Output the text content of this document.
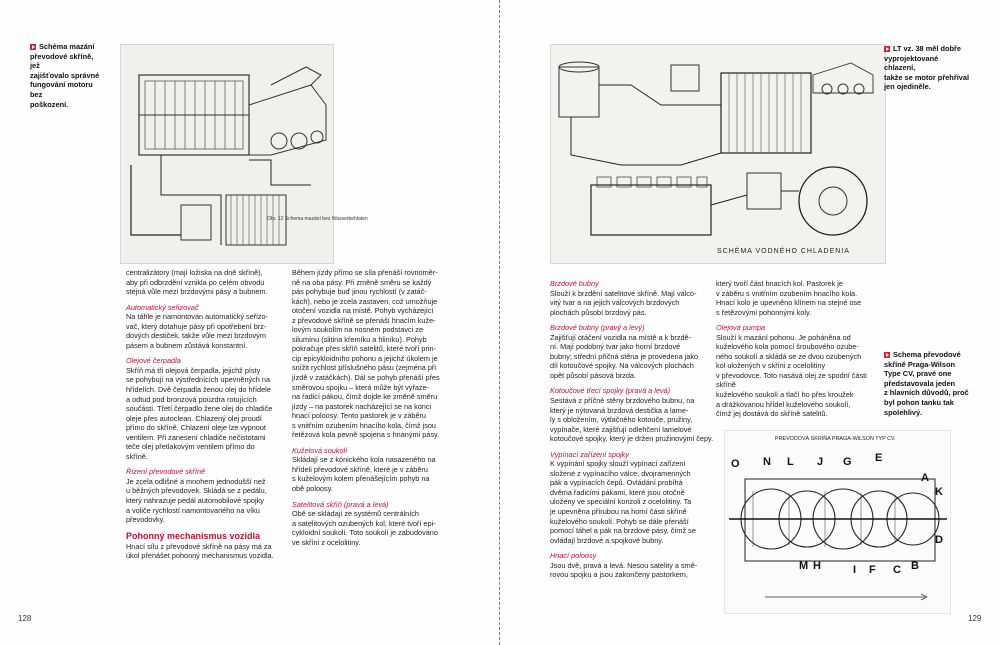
Schéma mazání
převodové skříně, jež
zajišťovalo správné
fungování motoru bez
poškození.
Obr. 12 Schema mazání bez Wasserbehlaten

centralizátory (mají ložiska na dně skříně),
aby při odbrzdění vznikla po celém obvodu
stejná vůle mezi brzdovými pásy a bubnem.

Automatický seřizovač

Na táhle je namontován automatický seřizo-
vač, který dotahuje pásy při opotřebení brz-
dových destiček, takže vůle mezi brzdovým
pásem a bubnem zůstává konstantní.

Olejové čerpadla

Skříň má tři olejová čerpadla, jejichž písty
se pohybují na výstřednících upevněných na
hřídelích. Dvě čerpadla ženou olej do hřídele
a odtud pod bronzová pouzdra rotujících
součástí. Třetí čerpadlo žene olej do chladiče
oleje přes autoclean. Chlazený olej proudí
přímo do skříně. Chlazení oleje lze vypnout
ventilem. Při zanesení chladiče nečistotami
teče olej přetlakovým ventilem přímo do
skříně.

Řízení převodové skříně

Je zcela odlišné a mnohem jednodušší než
u běžných převodovek. Skládá se z pedálu,
který nahrazuje pedál automobilové spojky
a voliče rychlostí namontovaného na víku
převodovky.

Pohonný mechanismus vozidla

Hnací sílu z převodové skříně na pásy má za
úkol přenášet pohonný mechanismus vozidla.

Během jízdy přímo se síla přenáší rovnoměr-
ně na oba pásy. Při změně směru se každý
pás pohybuje buď jinou rychlostí (v zatáč-
kách), nebo je zcela zastaven, což umožňuje
otočení vozidla na místě. Pohyb vycházející
z převodové skříně se přenáší hnacím kuže-
lovým soukolím na nosném podstavci ze
silumínu (slitina křemíku a hliníku). Pohyb
pokračuje přes skříň satelitů, které tvoří prin-
cip epicykloidního pohonu a jejichž úkolem je
snížit rychlost příslušného pásu (zejména při
jízdě v zatáčkách). Dál se pohyb přenáší přes
směrovou spojku – která může být vyřaze-
na řadicí pákou, čímž dojde ke změně směru
jízdy – na pastorek nacházející se na konci
hnací poloosy. Tento pastorek je v záběru
s vnitřním ozubením hnacího kola, čímž jsou
řetězová kola pevně spojena s hnanými pásy.

Kuželová soukolí

Skládají se z kónického kola nasazeného na
hřídeli převodové skříně, které je v záběru
s kuželovým kolem přenášejícím pohyb na
obě poloosy.

Satelitová skříň (pravá a levá)

Obě se skládají ze systémů centrálních
a satelitových ozubených kol, které tvoří epi-
cykloidní soukolí. Toto soukolí je zabudováno
ve skříni z ocelolitiny.

128
SCHÉMA VODNÉHO CHLADENIA
LT vz. 38 měl dobře
vyprojektované chlazení,
takže se motor přehříval
jen ojediněle.
Brzdové bubny

Slouží k brzdění satelitové skříně. Mají válco-
vitý tvar a na jejich válcových brzdových
plochách působí brzdový pás.

Brzdové bubny (pravý a levý)

Zajišťují otáčení vozidla na místě a k brzdě-
ní. Mají podobný tvar jako horní brzdové
bubny; střední příčná stěna je provedena jako
díl kotoučové spojky. Na válcových plochách
opět působí pásová brzda.

Kotoučové třecí spojky (pravá a levá)

Sestává z příčné stěny brzdového bubnu, na
který je nýtovaná brzdová destička a lame-
ly s obložením, výtlačného kotouče, pružiny,
vypínače, které zajišťují odlehčení lamelové
kotoučové spojky, který je držen pružinovými čepy.

Vypínací zařízení spojky

K vypínání spojky slouží vypínací zařízení
složené z vypínacího válce, dvojramenných
pák a vypínacích čepů. Ovládání probíhá
dvěma řadicími pákami, které jsou otočně
uloženy ve speciální konzoli z ocelolitiny. Ta
je upevněna přírubou na horní části skříně
kuželového soukolí. Pohyb se dále přenáší
pomocí táhel a pák na brzdové pásy, čímž se
ovládají brzdové a spojkové bubny.

Hnací poloosy

Jsou dvě, pravá a levá. Nesou satelity a smě-
rovou spojku a jsou zakončeny pastorkem,

který tvoří část hnacích kol. Pastorek je
v záběru s vnitřním ozubením hnacího kola.
Hnací kolo je upevněno klínem na stejné ose
s řetězovými pohonnými koly.

Olejová pumpa

Slouží k mazání pohonu. Je poháněna od
kuželového kola pomocí šroubového ozube-
ného soukolí a skládá se ze dvou ozubených
kol uložených v skříni z ocelolitiny
v převodovce. Toto nasává olej ze spodní části skříně
kuželového soukolí a tlačí ho přes kroužek
a drážkovanou hřídel kuželového soukolí,
čímž jej dostává do skříně satelitů.

Schema převodové
skříně Praga-Wilson
Type CV, pravé one
představovala jeden
z hlavních důvodů, proč
byl pohon tanku tak
spolehlivý.
PREVODOVÁ SKRIŇA PRAGA-WILSON TYP CV.
O N L J G E
A
K
D
H	B
F C
I
M
129
